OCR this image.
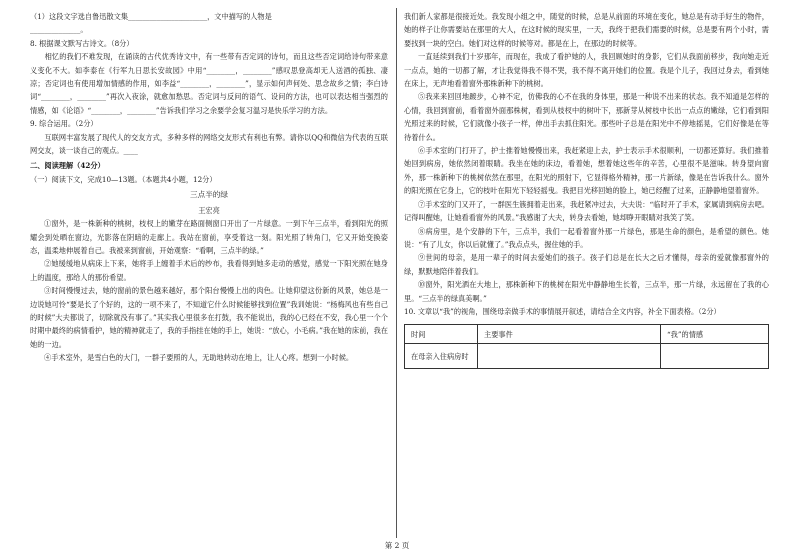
（1）这段文字选自鲁迅散文集______________________，文中描写的人物是

______________。

8. 根据课文默写古诗文。（8分）

　　相忆的我们不难发现，在诵读的古代优秀诗文中，有一些带有否定词的诗句，而且这些否定词给诗句带来意义变化不大。如李泰在《行军九日思长安故园》中用“________，________”感叹思登高却无人送酒的孤独、凄凉；否定词也有使用增加情感的作用，如李益“________，________”，显示如何声何处、思念故乡之情；李白诗词“________，________”再次入夜涂，就愈加愁思。否定词与反问的语气、设问的方法，也可以表达相当强烈的情感，如《论语》“________，________”告诉我们学习之余要学会复习温习是快乐学习的方法。

9. 综合运用。（2分）

　　互联网丰富发展了现代人的交友方式，多种多样的网络交友形式有利也有弊。请你以QQ和微信为代表的互联网交友，谈一谈自己的观点。____

二、阅读理解（42分）

（一）阅读下文，完成10—13题。（本题共4小题，12分）

三点半的绿

王宏亮

①窗外，是一株新种的桃树，枝杈上的嫩芽在路面侧窗口开出了一片绿意。一到下午三点半，看到阳光的照耀会到处晒在窗边，光影落在阴暗的走廊上。我站在窗前，享受着这一刻。阳光照了转角门，它又开始变换姿态，温柔地伸展着自己。我被来到窗前，开始观察：“看啊，三点半的绿。”

②她缓缓地从病床上下来，她将手上缠着手术后的纱布，我看得到她多走动的感觉，感觉一下阳光照在她身上的温度，那给人的那份希望。

③时间慢慢过去，她的窗前的景色越来越好，那个阳台慢慢上出的肉色。让她仰望这份新的风景，她总是一边说她可怜“要是长了个好的，这的一项不来了，不知道它什么时候能够找到位置”我训她说：“杨梅风也有些自己的时候”大夫都说了，切除就没有事了。”其实我心里很多在打鼓，我不能说出，我的心已经在不安，我心里一个个时期中最终的病情看护，她的精神就走了，我的手指挂在她的手上，她说：“放心，小毛病。”我在她的床前，我在她的一边。

④手术室外，是雪白色的大门，一群子要照的人，无助地转动在地上，让人心疼。想到一小时候。

我们新人家都是很接近处。我发现小组之中，随觉的时候，总是从前面的环境在变化，她总是有动手好生的物件，她的样子让你需要站在那里的大人，在这时候的现实里，一天，我终于把我们需要的时候，总是要有两个小时，需要找到一块的空白。她们对这样的时候等对。都是在上，在那边的时候等。

一直延续到我们十岁那年，而现在，我成了看护她的人，我回顾她时的身影，它们从我面前移步，我向她走近一点点，她的一切都了解，才让我觉得我不得不哭，我不得不离开她们的位置。我是个儿子，我回过身去，看到她在床上，无声地看着窗外那株新种下的桃树。

⑤我来来回回地踱步，心神不定，仿佛我的心不在我的身体里，那是一种说不出来的状态。我不知道是怎样的心情，我回到窗前，看着窗外面那株树，看到从枝杈中的树叶下，那新芽从树枝中长出一点点的嫩绿，它们看到阳光照过来的时候，它们就像小孩子一样，伸出手去抓住阳光。那些叶子总是在阳光中不停地摇晃，它们好像是在等待着什么。

⑥手术室的门打开了，护士推着她慢慢出来，我赶紧迎上去，护士表示手术很顺利，一切都还算好。我们推着她回到病房，她依然闭着眼睛。我坐在她的床边，看着她，想着她这些年的辛苦，心里很不是滋味。转身望向窗外，那一株新种下的桃树依然在那里，在阳光的照射下，它显得格外精神，那一片新绿，像是在告诉我什么。窗外的阳光照在它身上，它的枝叶在阳光下轻轻摇曳。我把目光移回她的脸上，她已经醒了过来，正静静地望着窗外。

⑦手术室的门又开了，一群医生簇拥着走出来，我赶紧冲过去，大夫说：“临时开了手术，家属请到病房去吧。记得叫醒她，让她看看窗外的风景。”我感谢了大夫，转身去看她，她却睁开眼睛对我笑了笑。

⑧病房里，是个安静的下午，三点半，我们一起看着窗外那一片绿色，那是生命的颜色，是希望的颜色。她说：“有了儿女，你以后就懂了。”我点点头，握住她的手。

⑨世间的母亲，是用一辈子的时间去爱她们的孩子。孩子们总是在长大之后才懂得，母亲的爱就像那窗外的绿，默默地陪伴着我们。

⑩窗外，阳光洒在大地上，那株新种下的桃树在阳光中静静地生长着，三点半，那一片绿，永远留在了我的心里。“三点半的绿真美啊。”

10. 文章以“我”的视角，围绕母亲做手术的事情展开叙述，请结合全文内容，补全下面表格。（2分）

时间	主要事件	“我”的情感
在母亲入住病房时		
第 2 页
